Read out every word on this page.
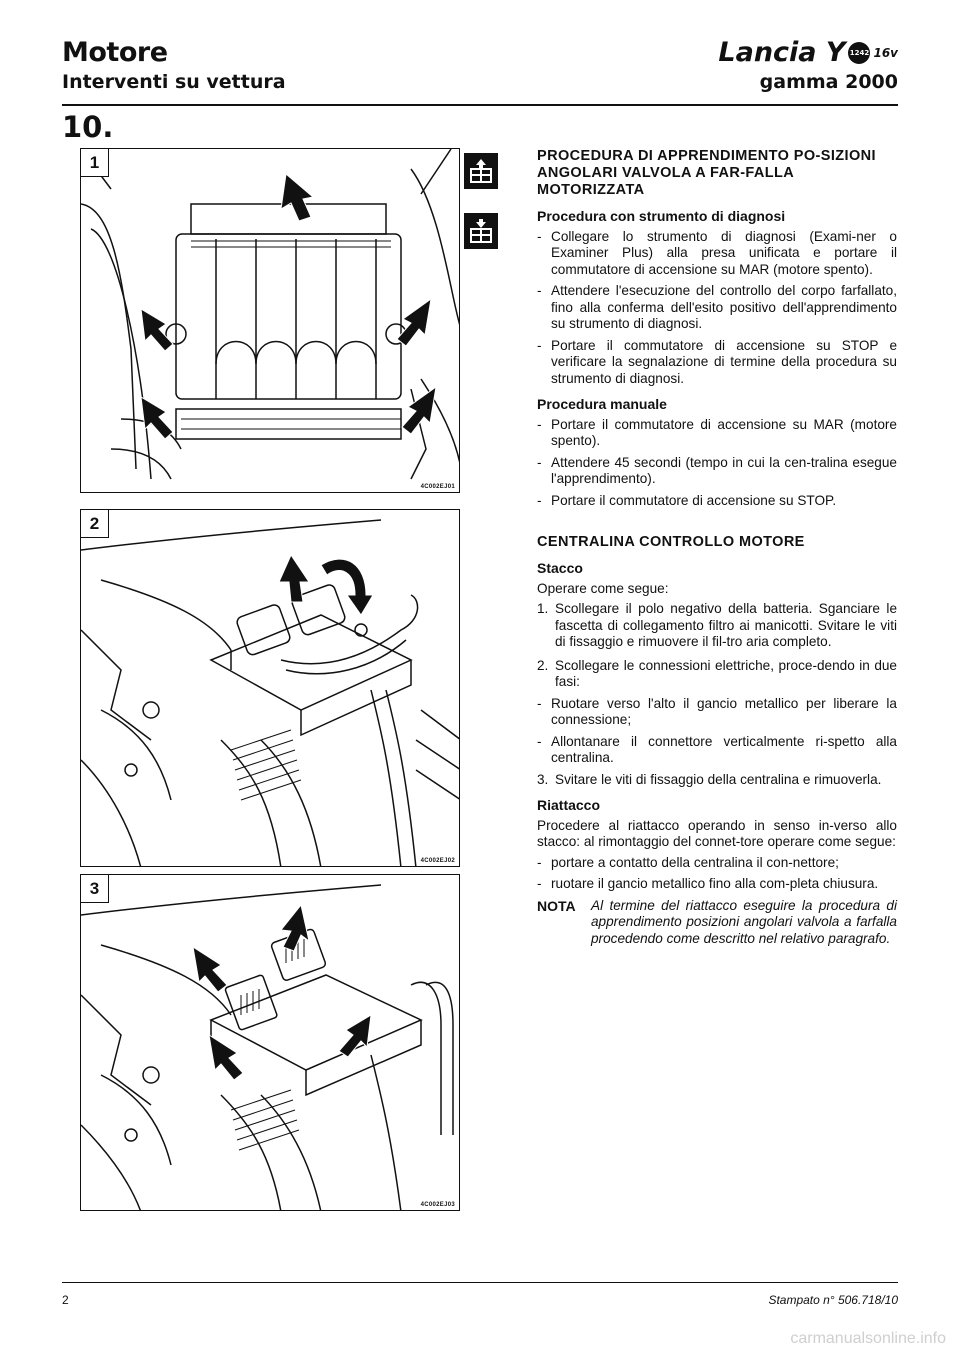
Motore
Interventi su vettura
Lancia Y 1242 16v
gamma 2000
10.
1
4C002EJ01
2
4C002EJ02
3
4C002EJ03
PROCEDURA DI APPRENDIMENTO PO-SIZIONI ANGOLARI VALVOLA A FAR-FALLA MOTORIZZATA
Procedura con strumento di diagnosi
- Collegare lo strumento di diagnosi (Exami-ner o Examiner Plus) alla presa unificata e portare il commutatore di accensione su MAR (motore spento).
- Attendere l'esecuzione del controllo del corpo farfallato, fino alla conferma dell'esito positivo dell'apprendimento su strumento di diagnosi.
- Portare il commutatore di accensione su STOP e verificare la segnalazione di termine della procedura su strumento di diagnosi.
Procedura manuale
- Portare il commutatore di accensione su MAR (motore spento).
- Attendere 45 secondi (tempo in cui la cen-tralina esegue l'apprendimento).
- Portare il commutatore di accensione su STOP.
CENTRALINA CONTROLLO MOTORE
Stacco

Operare come segue:

1. Scollegare il polo negativo della batteria. Sganciare le fascetta di collegamento filtro ai manicotti. Svitare le viti di fissaggio e rimuovere il fil-tro aria completo.
2. Scollegare le connessioni elettriche, proce-dendo in due fasi:
- Ruotare verso l'alto il gancio metallico per liberare la connessione;
- Allontanare il connettore verticalmente ri-spetto alla centralina.
3. Svitare le viti di fissaggio della centralina e rimuoverla.
Riattacco

Procedere al riattacco operando in senso in-verso allo stacco: al rimontaggio del connet-tore operare come segue:

- portare a contatto della centralina il con-nettore;
- ruotare il gancio metallico fino alla com-pleta chiusura.
NOTA	Al termine del riattacco eseguire la procedura di apprendimento posizioni angolari valvola a farfalla procedendo come descritto nel relativo paragrafo.
2	Stampato n° 506.718/10
carmanualsonline.info
